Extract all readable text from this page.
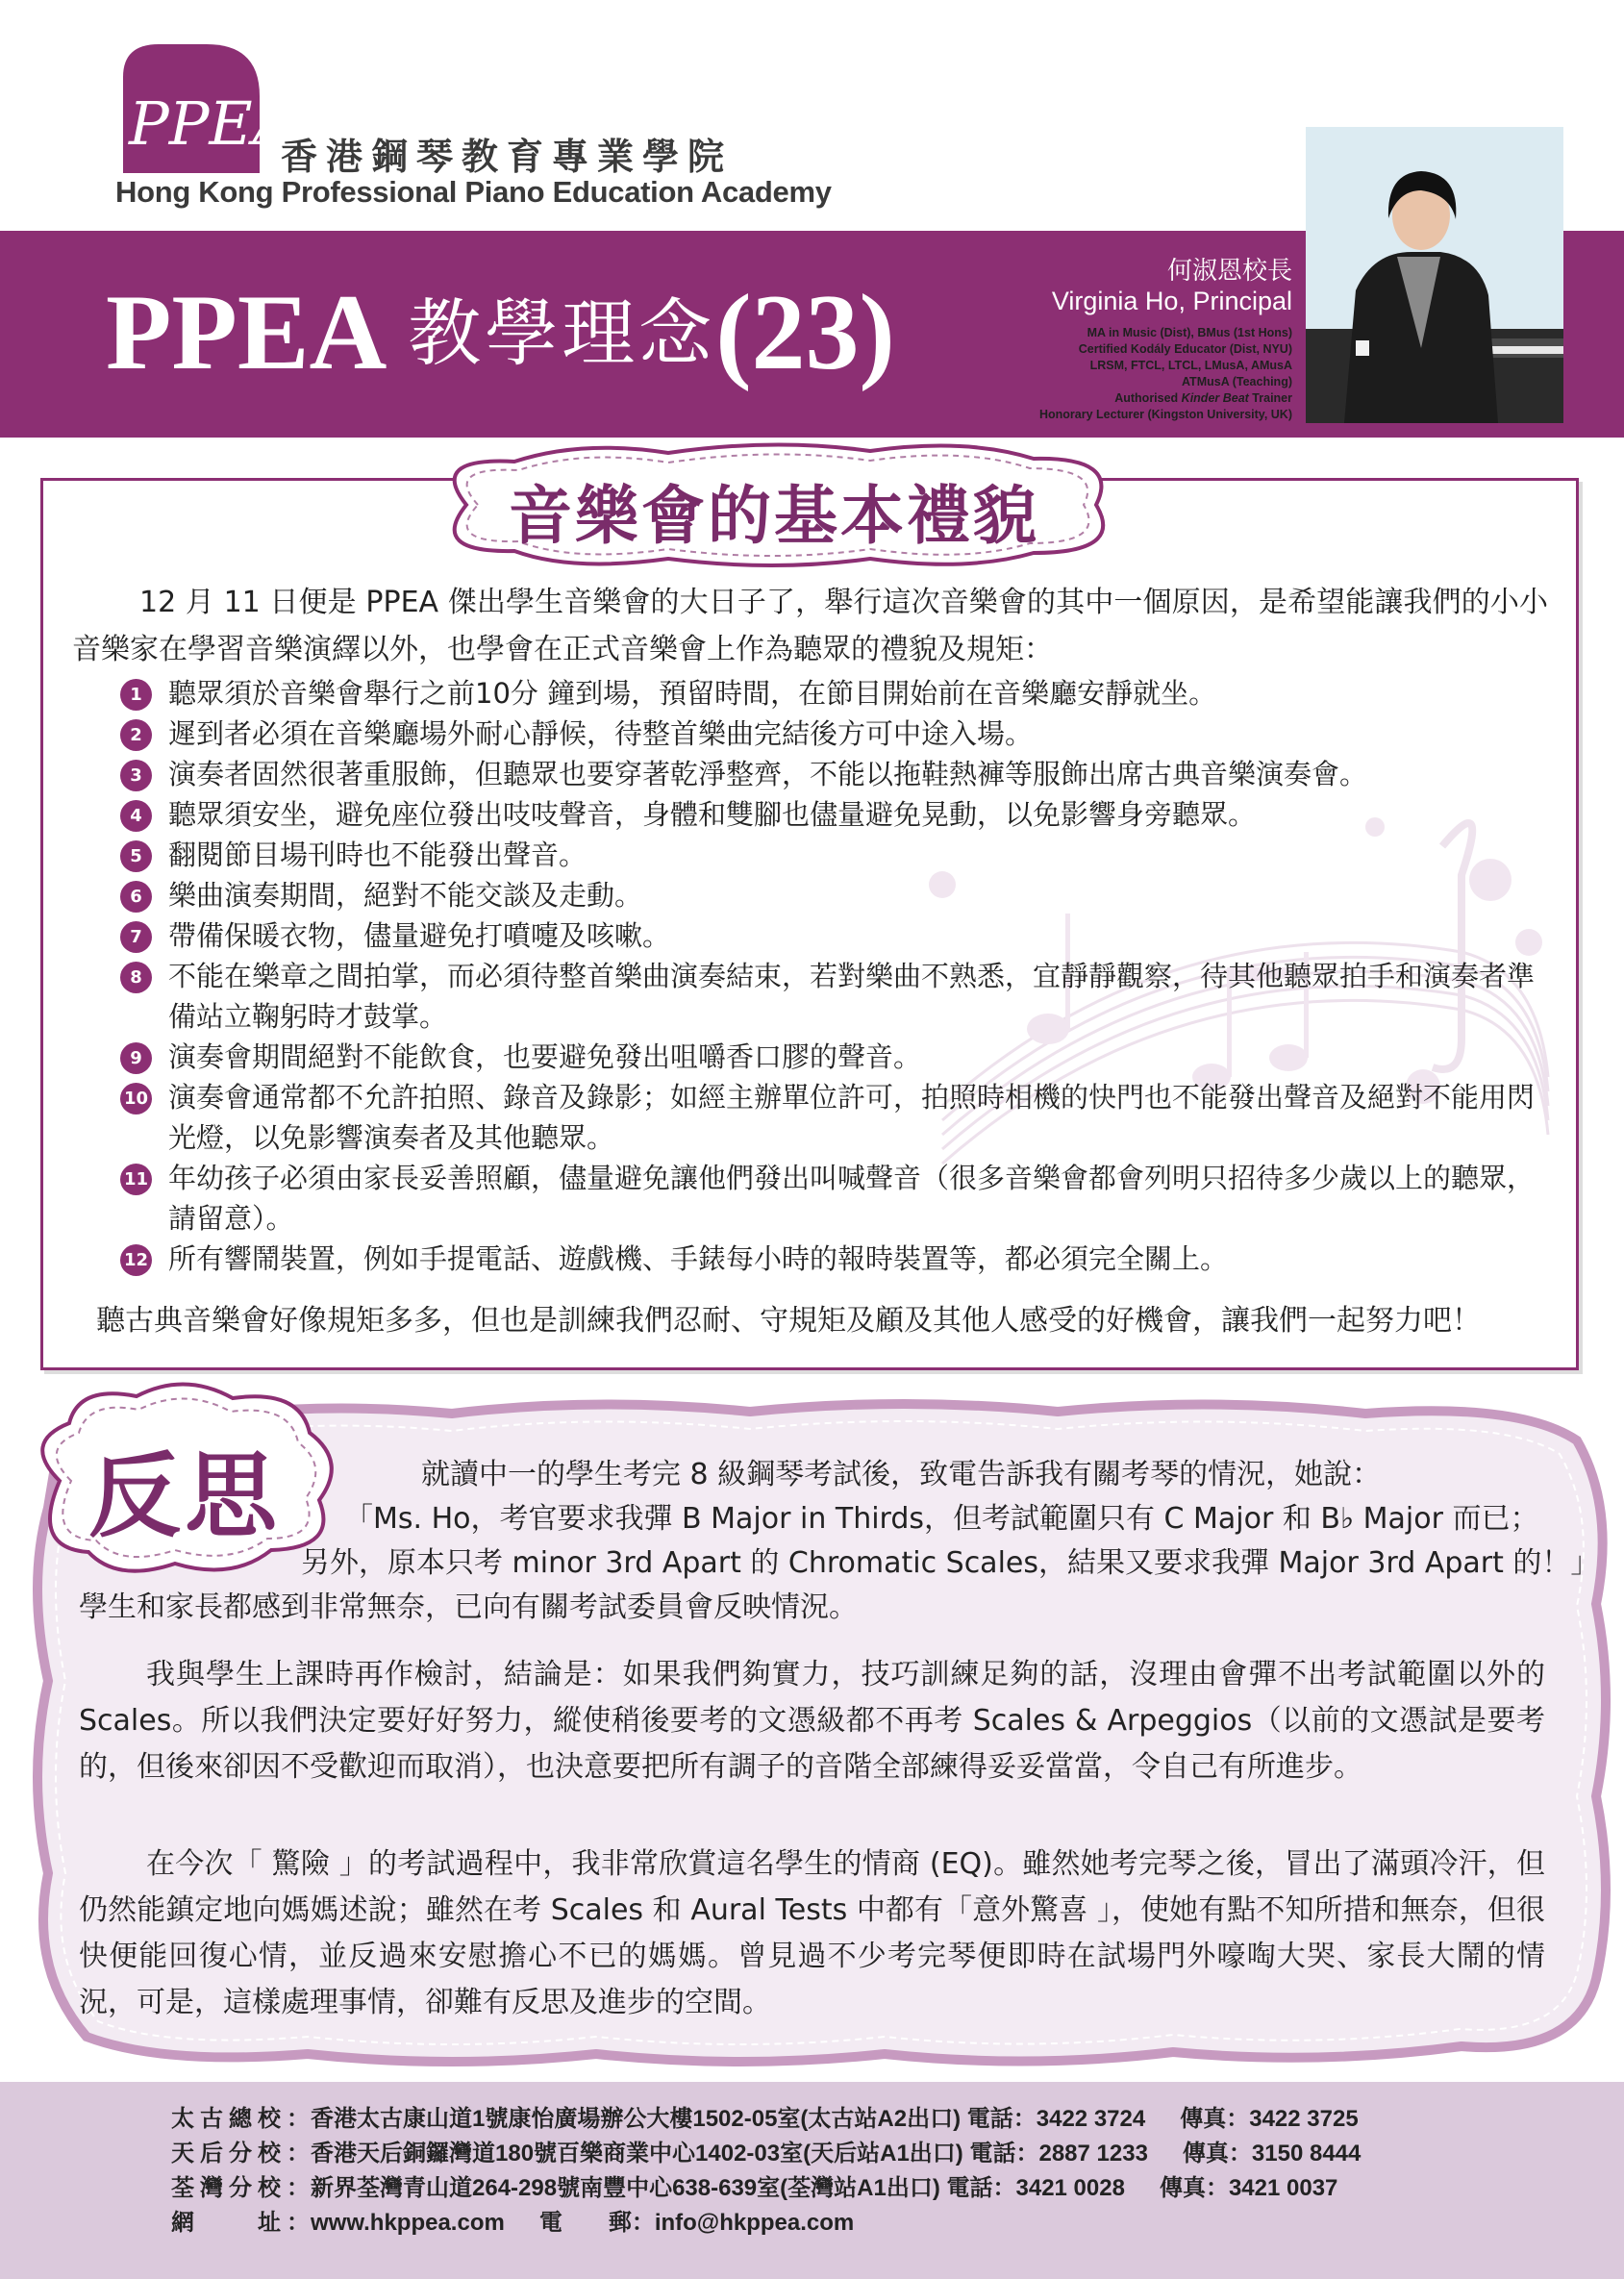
PPEA
香港鋼琴教育專業學院
Hong Kong Professional Piano Education Academy
PPEA 教學理念(23)
何淑恩校長
Virginia Ho, Principal
MA in Music (Dist), BMus (1st Hons)
Certified Kodály Educator (Dist, NYU)
LRSM, FTCL, LTCL, LMusA, AMusA
ATMusA (Teaching)
Authorised Kinder Beat Trainer
Honorary Lecturer (Kingston University, UK)
音樂會的基本禮貌
12 月 11 日便是 PPEA 傑出學生音樂會的大日子了，舉行這次音樂會的其中一個原因，是希望能讓我們的小小音樂家在學習音樂演繹以外，也學會在正式音樂會上作為聽眾的禮貌及規矩：
1 聽眾須於音樂會舉行之前10分 鐘到場，預留時間，在節目開始前在音樂廳安靜就坐。
2 遲到者必須在音樂廳場外耐心靜候，待整首樂曲完結後方可中途入場。
3 演奏者固然很著重服飾，但聽眾也要穿著乾淨整齊，不能以拖鞋熱褲等服飾出席古典音樂演奏會。
4 聽眾須安坐，避免座位發出吱吱聲音，身體和雙腳也儘量避免晃動，以免影響身旁聽眾。
5 翻閱節目場刊時也不能發出聲音。
6 樂曲演奏期間，絕對不能交談及走動。
7 帶備保暖衣物，儘量避免打噴嚏及咳嗽。
8 不能在樂章之間拍掌，而必須待整首樂曲演奏結束，若對樂曲不熟悉，宜靜靜觀察，待其他聽眾拍手和演奏者準備站立鞠躬時才鼓掌。
9 演奏會期間絕對不能飲食，也要避免發出咀嚼香口膠的聲音。
10 演奏會通常都不允許拍照、錄音及錄影；如經主辦單位許可，拍照時相機的快門也不能發出聲音及絕對不能用閃光燈，以免影響演奏者及其他聽眾。
11 年幼孩子必須由家長妥善照顧，儘量避免讓他們發出叫喊聲音（很多音樂會都會列明只招待多少歲以上的聽眾，請留意）。
12 所有響鬧裝置，例如手提電話、遊戲機、手錶每小時的報時裝置等，都必須完全關上。
聽古典音樂會好像規矩多多，但也是訓練我們忍耐、守規矩及顧及其他人感受的好機會，讓我們一起努力吧！
反思	就讀中一的學生考完 8 級鋼琴考試後，致電告訴我有關考琴的情況，她說：
「Ms. Ho，考官要求我彈 B Major in Thirds，但考試範圍只有 C Major 和 B♭ Major 而已；
另外，原本只考 minor 3rd Apart 的 Chromatic Scales，結果又要求我彈 Major 3rd Apart 的！」
學生和家長都感到非常無奈，已向有關考試委員會反映情況。
我與學生上課時再作檢討，結論是：如果我們夠實力，技巧訓練足夠的話，沒理由會彈不出考試範圍以外的 Scales。所以我們決定要好好努力，縱使稍後要考的文憑級都不再考 Scales & Arpeggios（以前的文憑試是要考的，但後來卻因不受歡迎而取消），也決意要把所有調子的音階全部練得妥妥當當，令自己有所進步。
在今次「 驚險 」的考試過程中，我非常欣賞這名學生的情商 (EQ)。雖然她考完琴之後，冒出了滿頭冷汗，但仍然能鎮定地向媽媽述說；雖然在考 Scales 和 Aural Tests 中都有「意外驚喜 」，使她有點不知所措和無奈，但很快便能回復心情，並反過來安慰擔心不已的媽媽。曾見過不少考完琴便即時在試場門外嚎啕大哭、家長大鬧的情況，可是，這樣處理事情，卻難有反思及進步的空間。
太古總校：香港太古康山道1號康怡廣場辦公大樓1502-05室(太古站A2出口) 電話：3422 3724 傳真：3422 3725
天后分校：香港天后銅鑼灣道180號百樂商業中心1402-03室(天后站A1出口) 電話：2887 1233 傳真：3150 8444
荃灣分校：新界荃灣青山道264-298號南豐中心638-639室(荃灣站A1出口) 電話：3421 0028 傳真：3421 0037
網　　址：www.hkppea.com 電　　郵：info@hkppea.com
